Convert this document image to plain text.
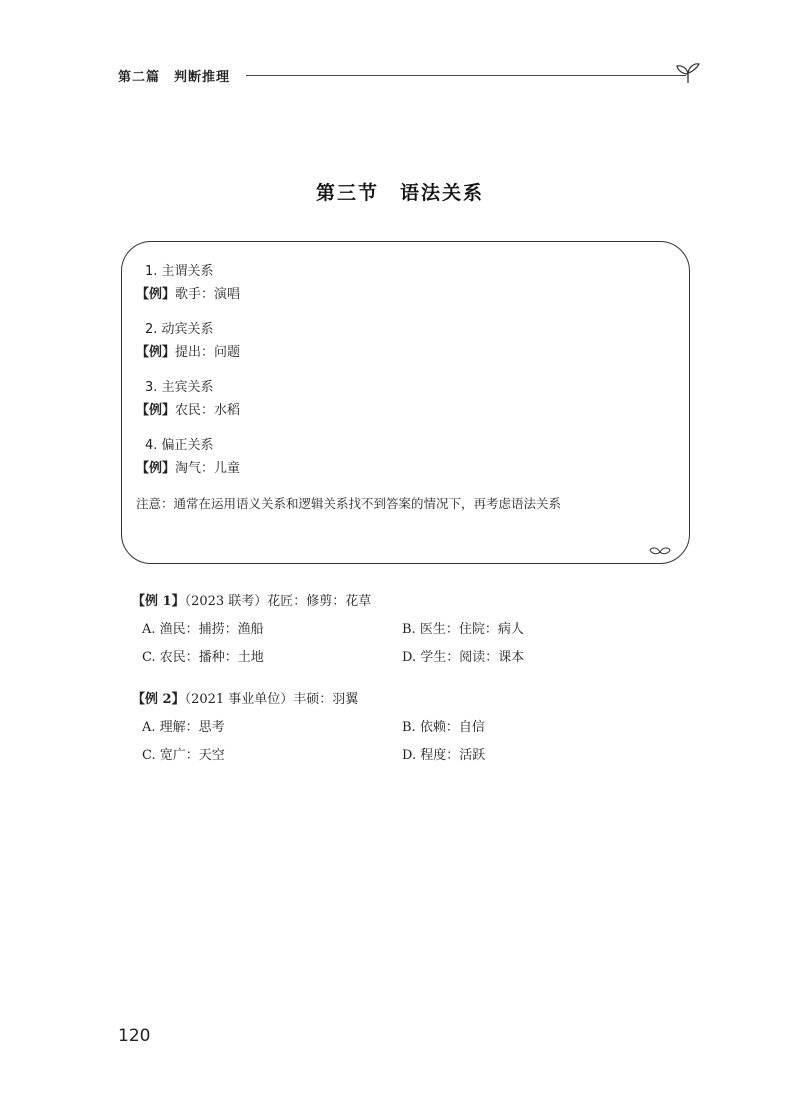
第二篇　判断推理
第三节　语法关系
1. 主谓关系
【例】歌手：演唱
2. 动宾关系
【例】提出：问题
3. 主宾关系
【例】农民：水稻
4. 偏正关系
【例】淘气：儿童
注意：通常在运用语义关系和逻辑关系找不到答案的情况下，再考虑语法关系
【例 1】（2023 联考）花匠：修剪：花草
A. 渔民：捕捞：渔船	B. 医生：住院：病人
C. 农民：播种：土地	D. 学生：阅读：课本
【例 2】（2021 事业单位）丰硕：羽翼
A. 理解：思考	B. 依赖：自信
C. 宽广：天空	D. 程度：活跃
120
